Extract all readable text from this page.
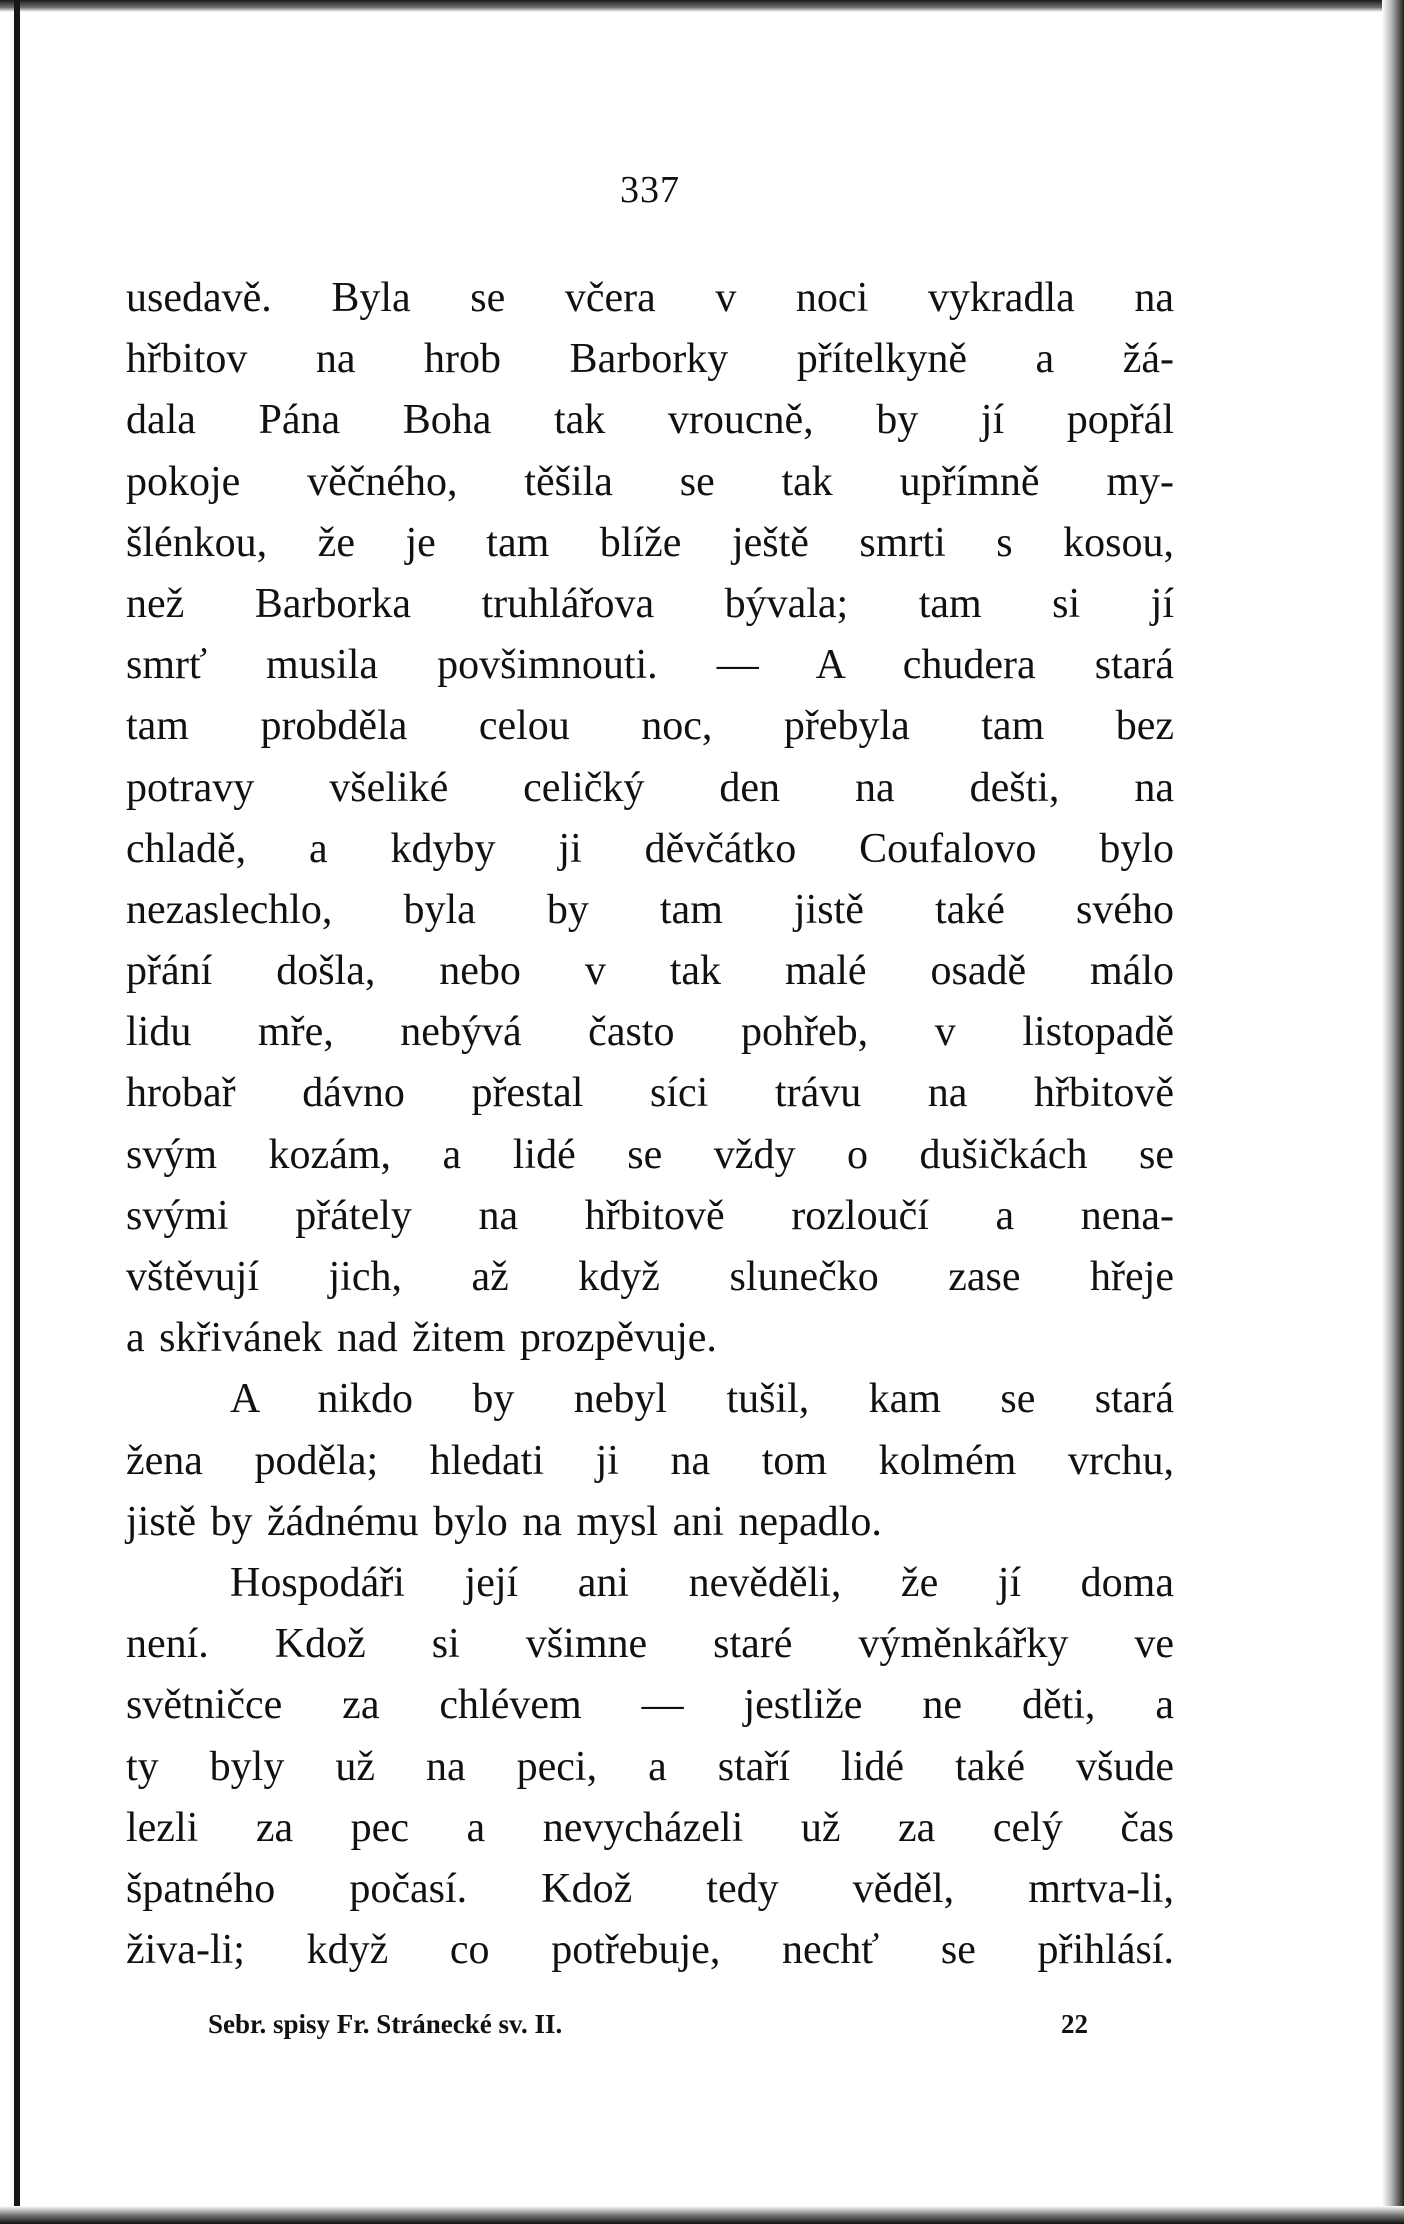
337
usedavě. Byla se včera v noci vykradla na
hřbitov na hrob Barborky přítelkyně a žá-
dala Pána Boha tak vroucně, by jí popřál
pokoje věčného, těšila se tak upřímně my-
šlénkou, že je tam blíže ještě smrti s kosou,
než Barborka truhlářova bývala; tam si jí
smrť musila povšimnouti. — A chudera stará
tam probděla celou noc, přebyla tam bez
potravy všeliké celičký den na dešti, na
chladě, a kdyby ji děvčátko Coufalovo bylo
nezaslechlo, byla by tam jistě také svého
přání došla, nebo v tak malé osadě málo
lidu mře, nebývá často pohřeb, v listopadě
hrobař dávno přestal síci trávu na hřbitově
svým kozám, a lidé se vždy o dušičkách se
svými přátely na hřbitově rozloučí a nena-
vštěvují jich, až když slunečko zase hřeje
a skřivánek nad žitem prozpěvuje.
A nikdo by nebyl tušil, kam se stará
žena poděla; hledati ji na tom kolmém vrchu,
jistě by žádnému bylo na mysl ani nepadlo.
Hospodáři její ani nevěděli, že jí doma
není. Kdož si všimne staré výměnkářky ve
světničce za chlévem — jestliže ne děti, a
ty byly už na peci, a staří lidé také všude
lezli za pec a nevycházeli už za celý čas
špatného počasí. Kdož tedy věděl, mrtva-li,
živa-li; když co potřebuje, nechť se přihlásí.
Sebr. spisy Fr. Stránecké sv. II.	22
